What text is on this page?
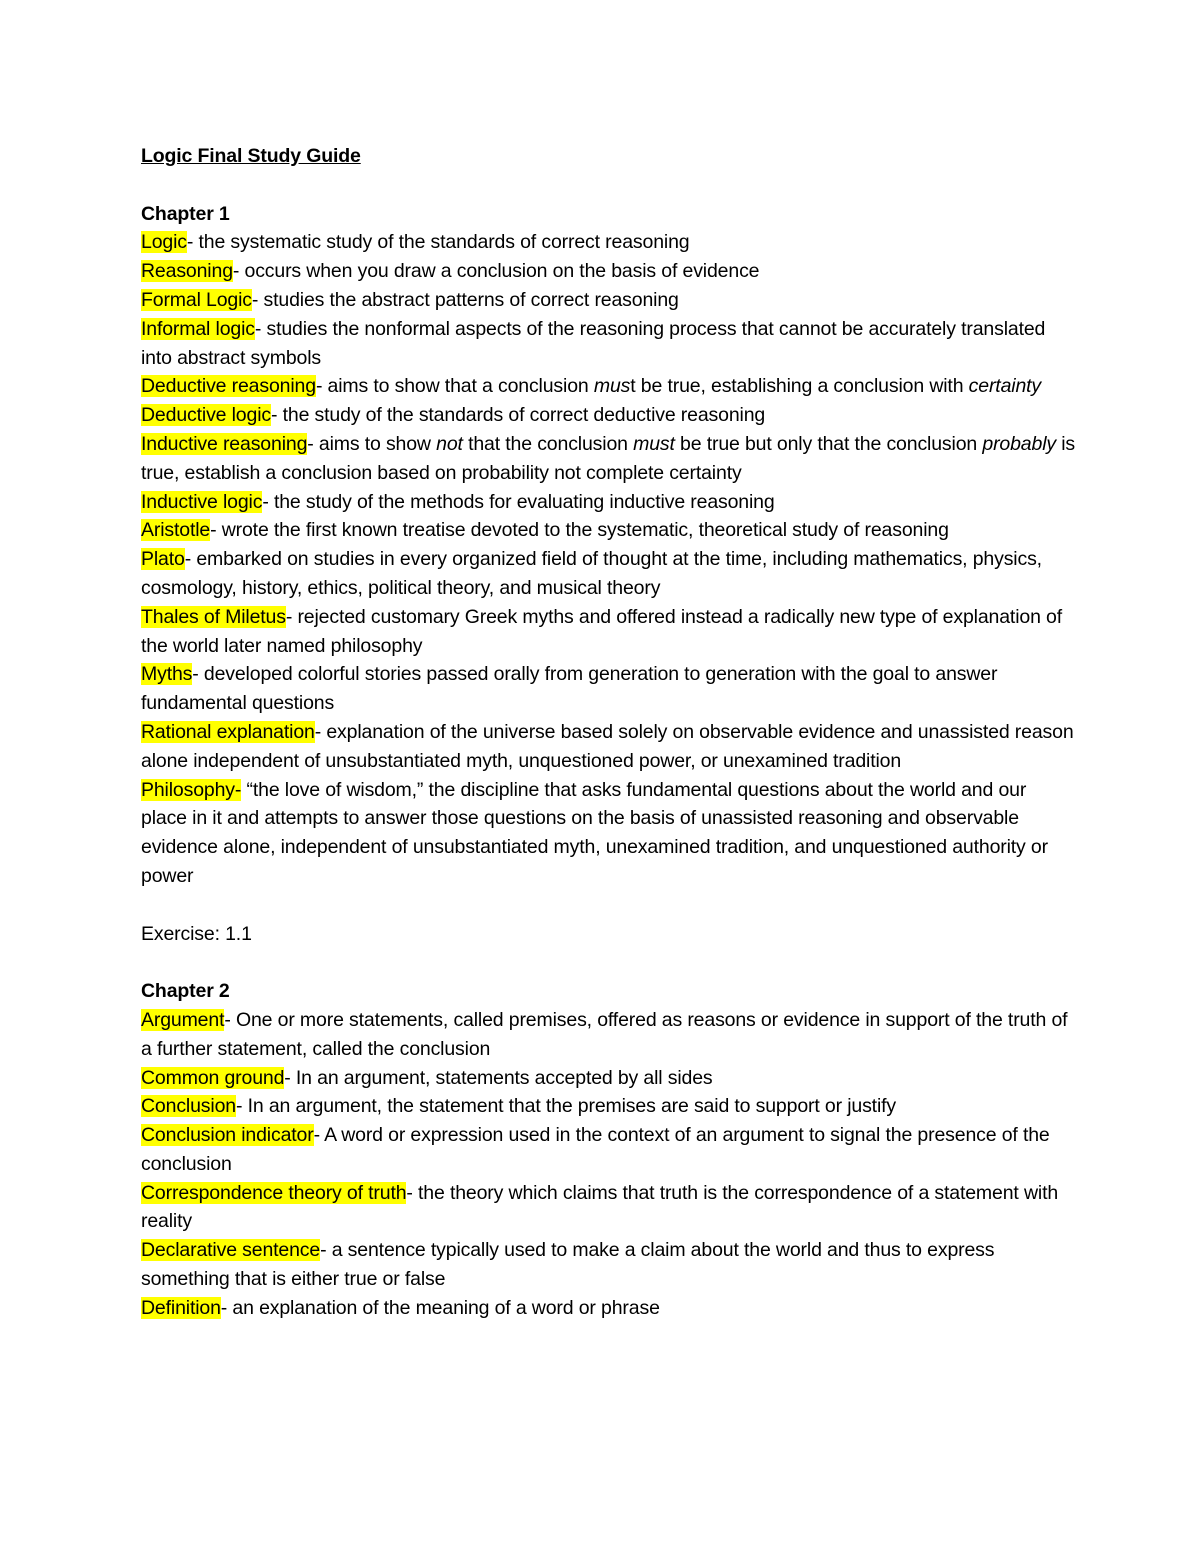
Logic Final Study Guide

Chapter 1

Logic- the systematic study of the standards of correct reasoning

Reasoning- occurs when you draw a conclusion on the basis of evidence

Formal Logic- studies the abstract patterns of correct reasoning

Informal logic- studies the nonformal aspects of the reasoning process that cannot be accurately translated into abstract symbols

Deductive reasoning- aims to show that a conclusion must be true, establishing a conclusion with certainty

Deductive logic- the study of the standards of correct deductive reasoning

Inductive reasoning- aims to show not that the conclusion must be true but only that the conclusion probably is true, establish a conclusion based on probability not complete certainty

Inductive logic- the study of the methods for evaluating inductive reasoning

Aristotle- wrote the first known treatise devoted to the systematic, theoretical study of reasoning

Plato- embarked on studies in every organized field of thought at the time, including mathematics, physics, cosmology, history, ethics, political theory, and musical theory

Thales of Miletus- rejected customary Greek myths and offered instead a radically new type of explanation of the world later named philosophy

Myths- developed colorful stories passed orally from generation to generation with the goal to answer fundamental questions

Rational explanation- explanation of the universe based solely on observable evidence and unassisted reason alone independent of unsubstantiated myth, unquestioned power, or unexamined tradition

Philosophy- “the love of wisdom,” the discipline that asks fundamental questions about the world and our place in it and attempts to answer those questions on the basis of unassisted reasoning and observable evidence alone, independent of unsubstantiated myth, unexamined tradition, and unquestioned authority or power

Exercise: 1.1

Chapter 2

Argument- One or more statements, called premises, offered as reasons or evidence in support of the truth of a further statement, called the conclusion

Common ground- In an argument, statements accepted by all sides

Conclusion- In an argument, the statement that the premises are said to support or justify

Conclusion indicator- A word or expression used in the context of an argument to signal the presence of the conclusion

Correspondence theory of truth- the theory which claims that truth is the correspondence of a statement with reality

Declarative sentence- a sentence typically used to make a claim about the world and thus to express something that is either true or false

Definition- an explanation of the meaning of a word or phrase
